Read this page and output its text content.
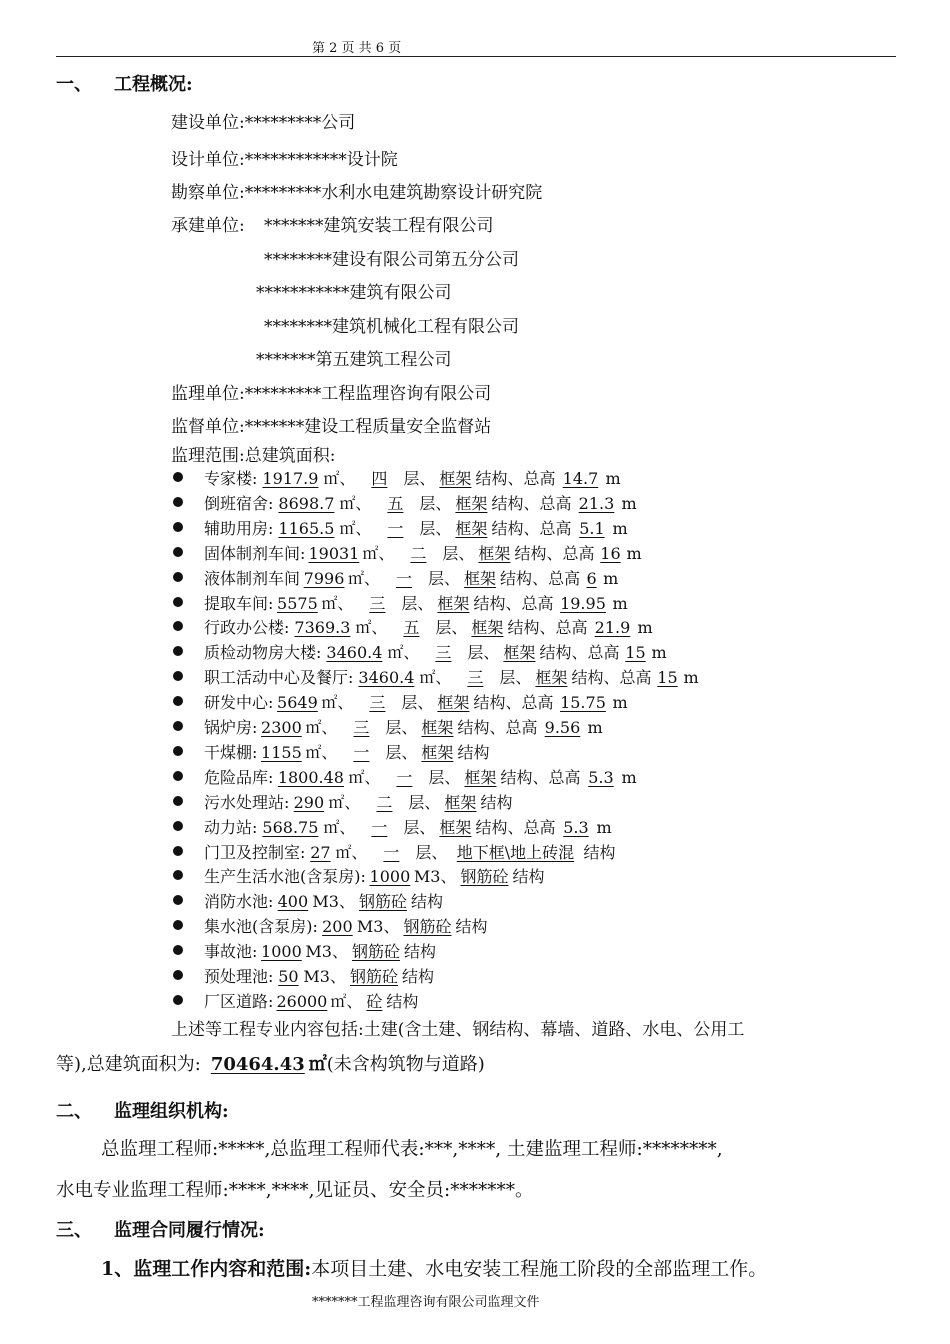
第 2 页 共 6 页
一、 工程概况:
建设单位:*********公司
设计单位:************设计院
勘察单位:*********水利水电建筑勘察设计研究院
承建单位: *******建筑安装工程有限公司
********建设有限公司第五分公司
***********建筑有限公司
********建筑机械化工程有限公司
*******第五建筑工程公司
监理单位:*********工程监理咨询有限公司
监督单位:*******建设工程质量安全监督站
监理范围:总建筑面积:
专家楼: 1917.9 ㎡、 四 层、 框架 结构、总高 14.7 m
倒班宿舍: 8698.7 ㎡、 五 层、 框架 结构、总高 21.3 m
辅助用房: 1165.5 ㎡、 一 层、 框架 结构、总高 5.1 m
固体制剂车间: 19031 ㎡、 二 层、 框架 结构、总高 16 m
液体制剂车间 7996 ㎡、 一 层、 框架 结构、总高 6 m
提取车间: 5575 ㎡、 三 层、 框架 结构、总高 19.95 m
行政办公楼: 7369.3 ㎡、 五 层、 框架 结构、总高 21.9 m
质检动物房大楼: 3460.4 ㎡、 三 层、 框架 结构、总高 15 m
职工活动中心及餐厅: 3460.4 ㎡、 三 层、 框架 结构、总高 15 m
研发中心: 5649 ㎡、 三 层、 框架 结构、总高 15.75 m
锅炉房: 2300 ㎡、 三 层、 框架 结构、总高 9.56 m
干煤棚: 1155 ㎡、 一 层、 框架 结构
危险品库: 1800.48 ㎡、 一 层、 框架 结构、总高 5.3 m
污水处理站: 290 ㎡、 二 层、 框架 结构
动力站: 568.75 ㎡、 一 层、 框架 结构、总高 5.3 m
门卫及控制室: 27 ㎡、 一 层、 地下框\地上砖混 结构
生产生活水池(含泵房): 1000 M3、 钢筋砼 结构
消防水池: 400 M3、 钢筋砼 结构
集水池(含泵房): 200 M3、 钢筋砼 结构
事故池: 1000 M3、 钢筋砼 结构
预处理池: 50 M3、 钢筋砼 结构
厂区道路: 26000 ㎡、 砼 结构
上述等工程专业内容包括:土建(含土建、钢结构、幕墙、道路、水电、公用工
等),总建筑面积为: 70464.43 ㎡(未含构筑物与道路)
二、 监理组织机构:
总监理工程师:*****,总监理工程师代表:***,****, 土建监理工程师:********,
水电专业监理工程师:****,****,见证员、安全员:*******。
三、 监理合同履行情况:
1、监理工作内容和范围:本项目土建、水电安装工程施工阶段的全部监理工作。
*******工程监理咨询有限公司监理文件
